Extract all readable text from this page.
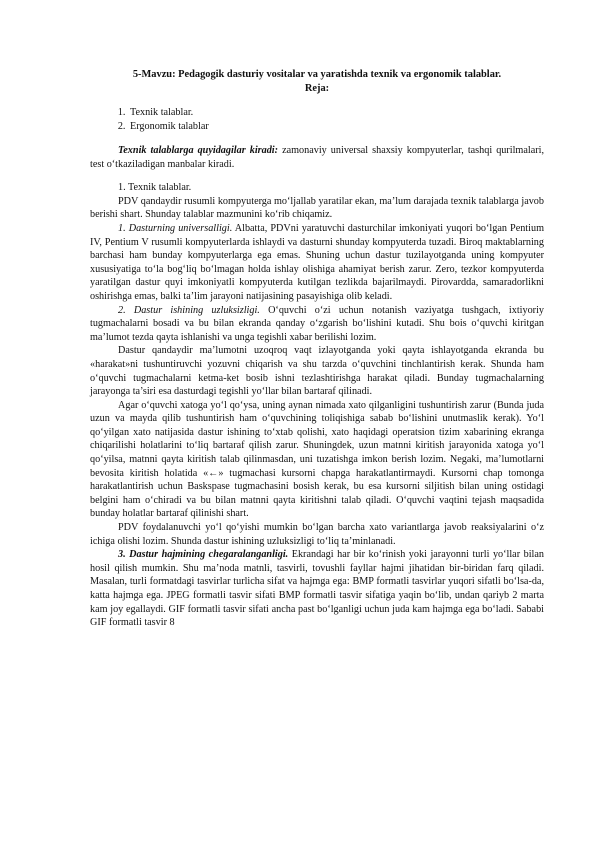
5-Mavzu: Pedagogik dasturiy vositalar va yaratishda texnik va ergonomik talablar.
Reja:
1. Texnik talablar.
2. Ergonomik talablar

Texnik talablarga quyidagilar kiradi: zamonaviy universal shaxsiy kompyuterlar, tashqi qurilmalari, test o‘tkaziladigan manbalar kiradi.

1. Texnik talablar.

PDV qandaydir rusumli kompyuterga mo‘ljallab yaratilar ekan, ma’lum darajada texnik talablarga javob berishi shart. Shunday talablar mazmunini ko‘rib chiqamiz.

1. Dasturning universalligi. Albatta, PDVni yaratuvchi dasturchilar imkoniyati yuqori bo‘lgan Pentium IV, Pentium V rusumli kompyuterlarda ishlaydi va dasturni shunday kompyuterda tuzadi. Biroq maktablarning barchasi ham bunday kompyuterlarga ega emas. Shuning uchun dastur tuzilayotganda uning kompyuter xususiyatiga to‘la bog‘liq bo‘lmagan holda ishlay olishiga ahamiyat berish zarur. Zero, tezkor kompyuterda yaratilgan dastur quyi imkoniyatli kompyuterda kutilgan tezlikda bajarilmaydi. Pirovardda, samaradorlikni oshirishga emas, balki ta’lim jarayoni natijasining pasayishiga olib keladi.

2. Dastur ishining uzluksizligi. O‘quvchi o‘zi uchun notanish vaziyatga tushgach, ixtiyoriy tugmachalarni bosadi va bu bilan ekranda qanday o‘zgarish bo‘lishini kutadi. Shu bois o‘quvchi kiritgan ma’lumot tezda qayta ishlanishi va unga tegishli xabar berilishi lozim.

Dastur qandaydir ma’lumotni uzoqroq vaqt izlayotganda yoki qayta ishlayotganda ekranda bu «harakat»ni tushuntiruvchi yozuvni chiqarish va shu tarzda o‘quvchini tinchlantirish kerak. Shunda ham o‘quvchi tugmachalarni ketma-ket bosib ishni tezlashtirishga harakat qiladi. Bunday tugmachalarning jarayonga ta’siri esa dasturdagi tegishli yo‘llar bilan bartaraf qilinadi.

Agar o‘quvchi xatoga yo‘l qo‘ysa, uning aynan nimada xato qilganligini tushuntirish zarur (Bunda juda uzun va mayda qilib tushuntirish ham o‘quvchining toliqishiga sabab bo‘lishini unutmaslik kerak). Yo‘l qo‘yilgan xato natijasida dastur ishining to‘xtab qolishi, xato haqidagi operatsion tizim xabarining ekranga chiqarilishi holatlarini to‘liq bartaraf qilish zarur. Shuningdek, uzun matnni kiritish jarayonida xatoga yo‘l qo‘yilsa, matnni qayta kiritish talab qilinmasdan, uni tuzatishga imkon berish lozim. Negaki, ma’lumotlarni bevosita kiritish holatida «←» tugmachasi kursorni chapga harakatlantirmaydi. Kursorni chap tomonga harakatlantirish uchun Baskspase tugmachasini bosish kerak, bu esa kursorni siljitish bilan uning ostidagi belgini ham o‘chiradi va bu bilan matnni qayta kiritishni talab qiladi. O‘quvchi vaqtini tejash maqsadida bunday holatlar bartaraf qilinishi shart.

PDV foydalanuvchi yo‘l qo‘yishi mumkin bo‘lgan barcha xato variantlarga javob reaksiyalarini o‘z ichiga olishi lozim. Shunda dastur ishining uzluksizligi to‘liq ta’minlanadi.

3. Dastur hajmining chegaralanganligi. Ekrandagi har bir ko‘rinish yoki jarayonni turli yo‘llar bilan hosil qilish mumkin. Shu ma’noda matnli, tasvirli, tovushli fayllar hajmi jihatidan bir-biridan farq qiladi. Masalan, turli formatdagi tasvirlar turlicha sifat va hajmga ega: BMP formatli tasvirlar yuqori sifatli bo‘lsa-da, katta hajmga ega. JPEG formatli tasvir sifati BMP formatli tasvir sifatiga yaqin bo‘lib, undan qariyb 2 marta kam joy egallaydi. GIF formatli tasvir sifati ancha past bo‘lganligi uchun juda kam hajmga ega bo‘ladi. Sababi GIF formatli tasvir 8
